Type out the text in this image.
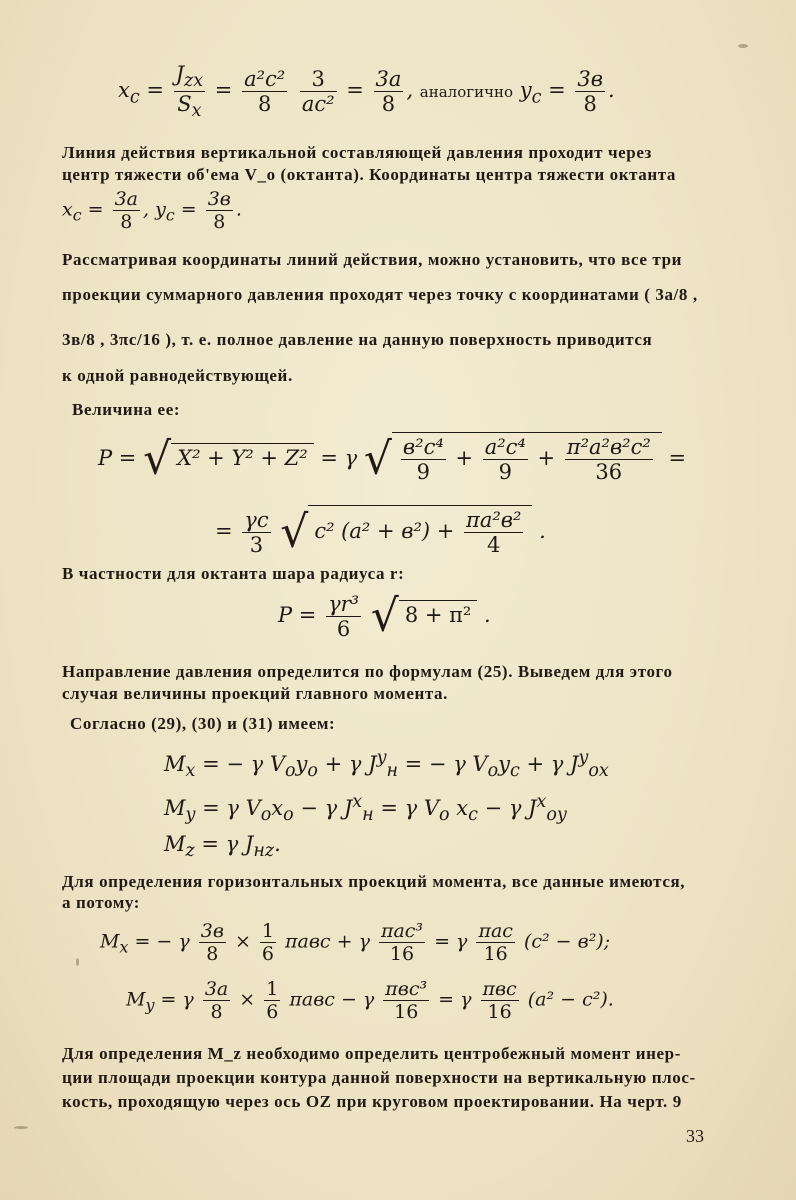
$x_c = \frac{J_{zx}}{S_x} = \frac{\text{a²c²}}{8}$
$\frac{3}{\text{ac²}} = \frac{3a}{8}$ , аналогично $y_c = \frac{3в}{8}$ .
Линия действия вертикальной составляющей давления проходит через
центр тяжести об'ема V_o (октанта). Координаты центра тяжести октанта
$x_c = \frac{3a}{8}$ , $y_c = \frac{3в}{8}$ .
Рассматривая координаты линий действия, можно установить, что все три
проекции суммарного давления проходят через точку с координатами ( 3a/8 ,
3в/8 , 3πc/16 ), т. е. полное давление на данную поверхность приводится
к одной равнодействующей.
Величина ее:
P = √ X² + Y² + Z² = γ √ $\frac{\text{в²c⁴}}{9} + \frac{\text{a²c⁴}}{9} + \frac{\text{π²a²в²c²}}{36}$ =
= $\frac{\gamma c}{3}$ √ c² $(a^2 + в^2) + \frac{\text{πa²в²}}{4}$ .
В частности для октанта шара радиуса r:
$P = \frac{\text{γr³}}{6}$ √ 8 + π² .
Направление давления определится по формулам (25). Выведем для этого
случая величины проекций главного момента.
Согласно (29), (30) и (31) имеем:
$M_x$ = − γ $V_oy_o + \gamma$ $J^y_н$ = − γ $V_oy_c + \gamma$ $J^y_{ox}$
$M_y = \gamma$ $V_ox_o - \gamma$ $J^x_н = \gamma$ $V_o$ $x_c - \gamma$ $J^x_{oy}$
$M_z = \gamma$ $J_{нz}$.
Для определения горизонтальных проекций момента, все данные имеются,
а потому:
$M_x$ = − γ $\frac{3в}{8} \times \frac{1}{6}$ πaвc + γ $\frac{\text{πac³}}{16} = \gamma \frac{\text{πac}}{16} (c^2 - в^2)$;
$M_y = \gamma \frac{3a}{8} \times \frac{1}{6}$ πaвc − γ $\frac{\text{πвc³}}{16} = \gamma \frac{\text{πвc}}{16} (a^2 - c^2)$.
Для определения M_z необходимо определить центробежный момент инер-
ции площади проекции контура данной поверхности на вертикальную плос-
кость, проходящую через ось OZ при круговом проектировании. На черт. 9
33
